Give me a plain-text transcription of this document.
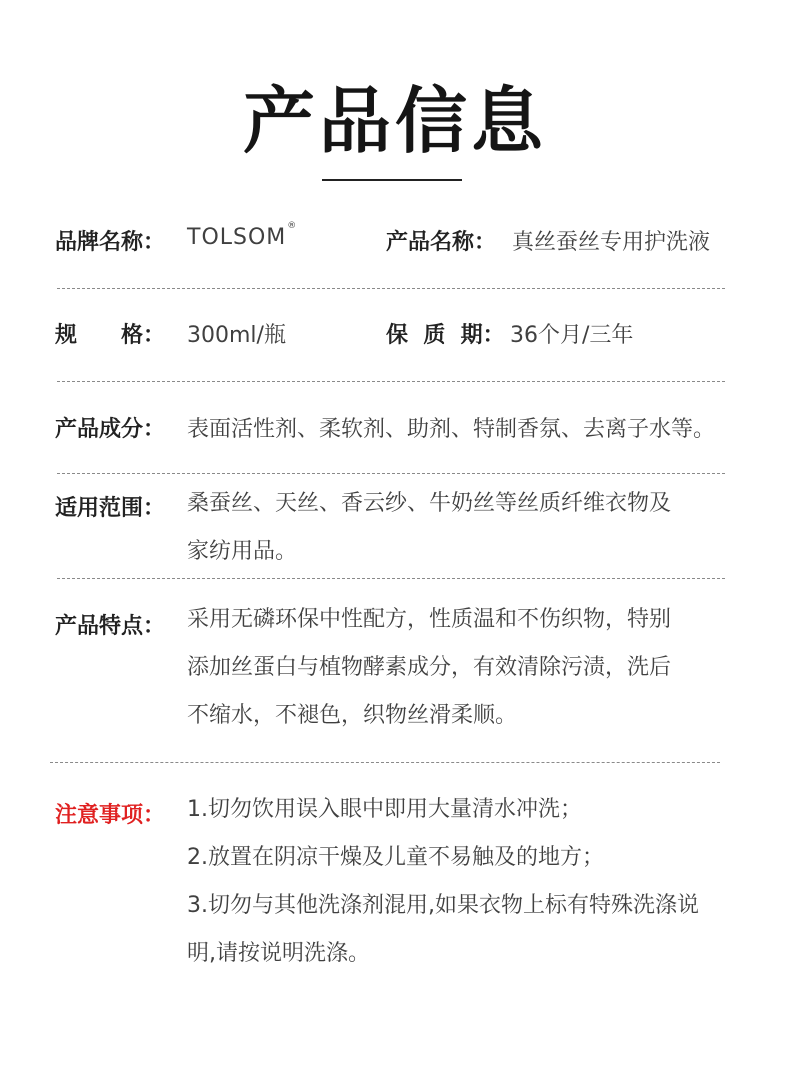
产品信息
品牌名称： TOLSOM®
产品名称： 真丝蚕丝专用护洗液
规　　格： 300ml/瓶	保  质  期： 36个月/三年
产品成分： 表面活性剂、柔软剂、助剂、特制香氛、去离子水等。
适用范围： 桑蚕丝、天丝、香云纱、牛奶丝等丝质纤维衣物及
家纺用品。
产品特点： 采用无磷环保中性配方，性质温和不伤织物，特别
添加丝蛋白与植物酵素成分，有效清除污渍，洗后
不缩水，不褪色，织物丝滑柔顺。
注意事项： 1.切勿饮用误入眼中即用大量清水冲洗；
2.放置在阴凉干燥及儿童不易触及的地方；
3.切勿与其他洗涤剂混用,如果衣物上标有特殊洗涤说
明,请按说明洗涤。
